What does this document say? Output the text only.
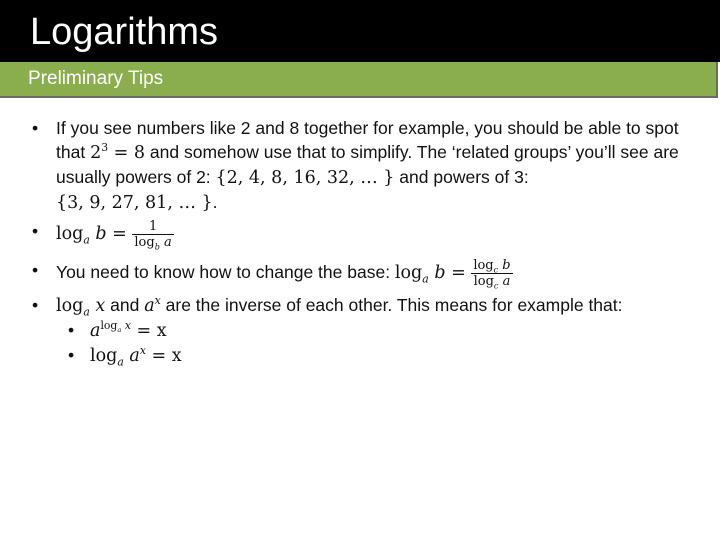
Logarithms
Preliminary Tips
• If you see numbers like 2 and 8 together for example, you should be able to spot that $2^3 = 8$ and somehow use that to simplify. The ‘related groups’ you’ll see are usually powers of 2: {2, 4, 8, 16, 32, … } and powers of 3:
{3, 9, 27, 81, … }.
• $\log_a b = \frac{1}{\log_b a}$
• You need to know how to change the base: $\log_a b = \frac{\log_c b}{\log_c a}$
• $\log_a x$ and $a^x$ are the inverse of each other. This means for example that:
• $a^{log_a x} = x$
• $\log_a a^x = x$
